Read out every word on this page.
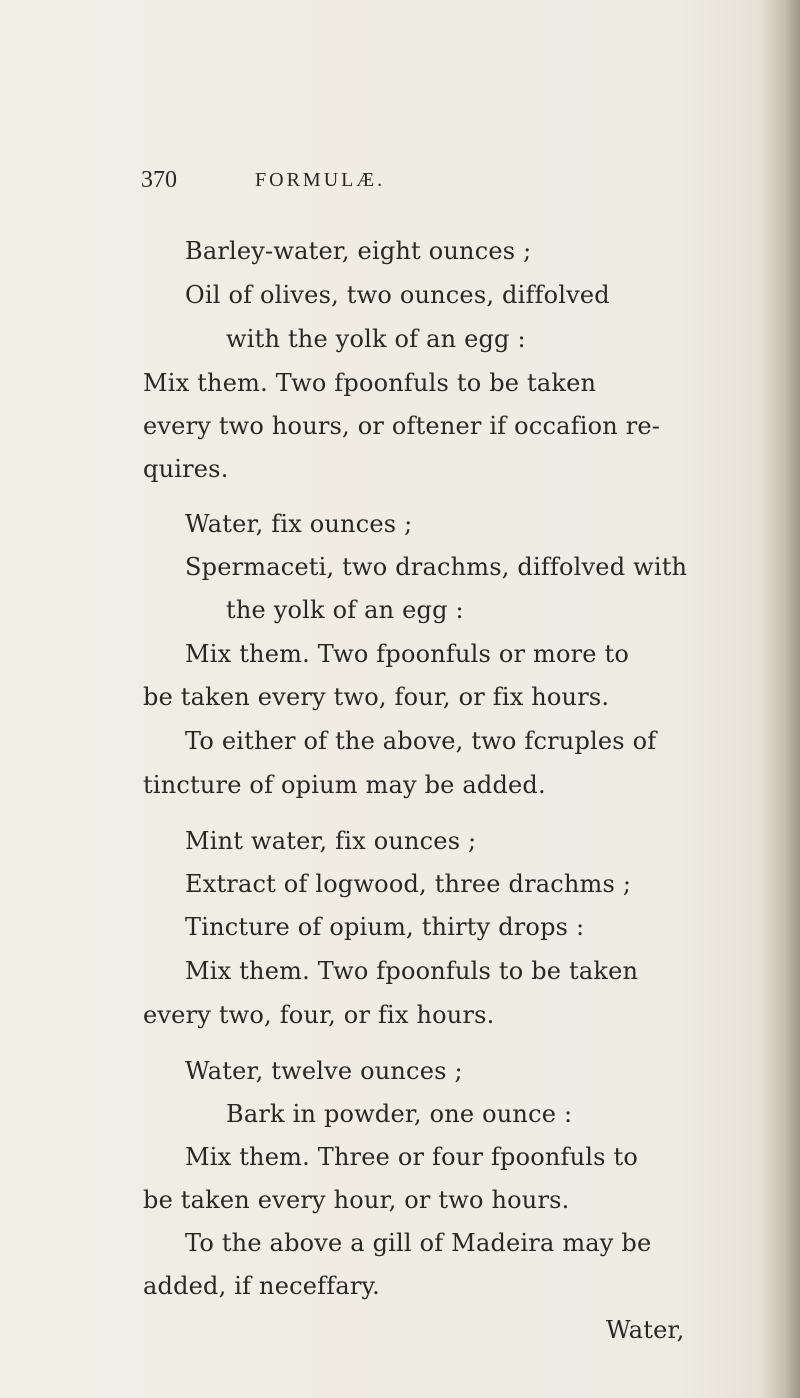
370	FORMULÆ.
Barley-water, eight ounces ;
Oil of olives, two ounces, diffolved
with the yolk of an egg :
Mix them. Two fpoonfuls to be taken
every two hours, or oftener if occafion re-
quires.
Water, fix ounces ;
Spermaceti, two drachms, diffolved with
the yolk of an egg :
Mix them. Two fpoonfuls or more to
be taken every two, four, or fix hours.
To either of the above, two fcruples of
tincture of opium may be added.
Mint water, fix ounces ;
Extract of logwood, three drachms ;
Tincture of opium, thirty drops :
Mix them. Two fpoonfuls to be taken
every two, four, or fix hours.
Water, twelve ounces ;
Bark in powder, one ounce :
Mix them. Three or four fpoonfuls to
be taken every hour, or two hours.
To the above a gill of Madeira may be
added, if neceffary.
Water,
